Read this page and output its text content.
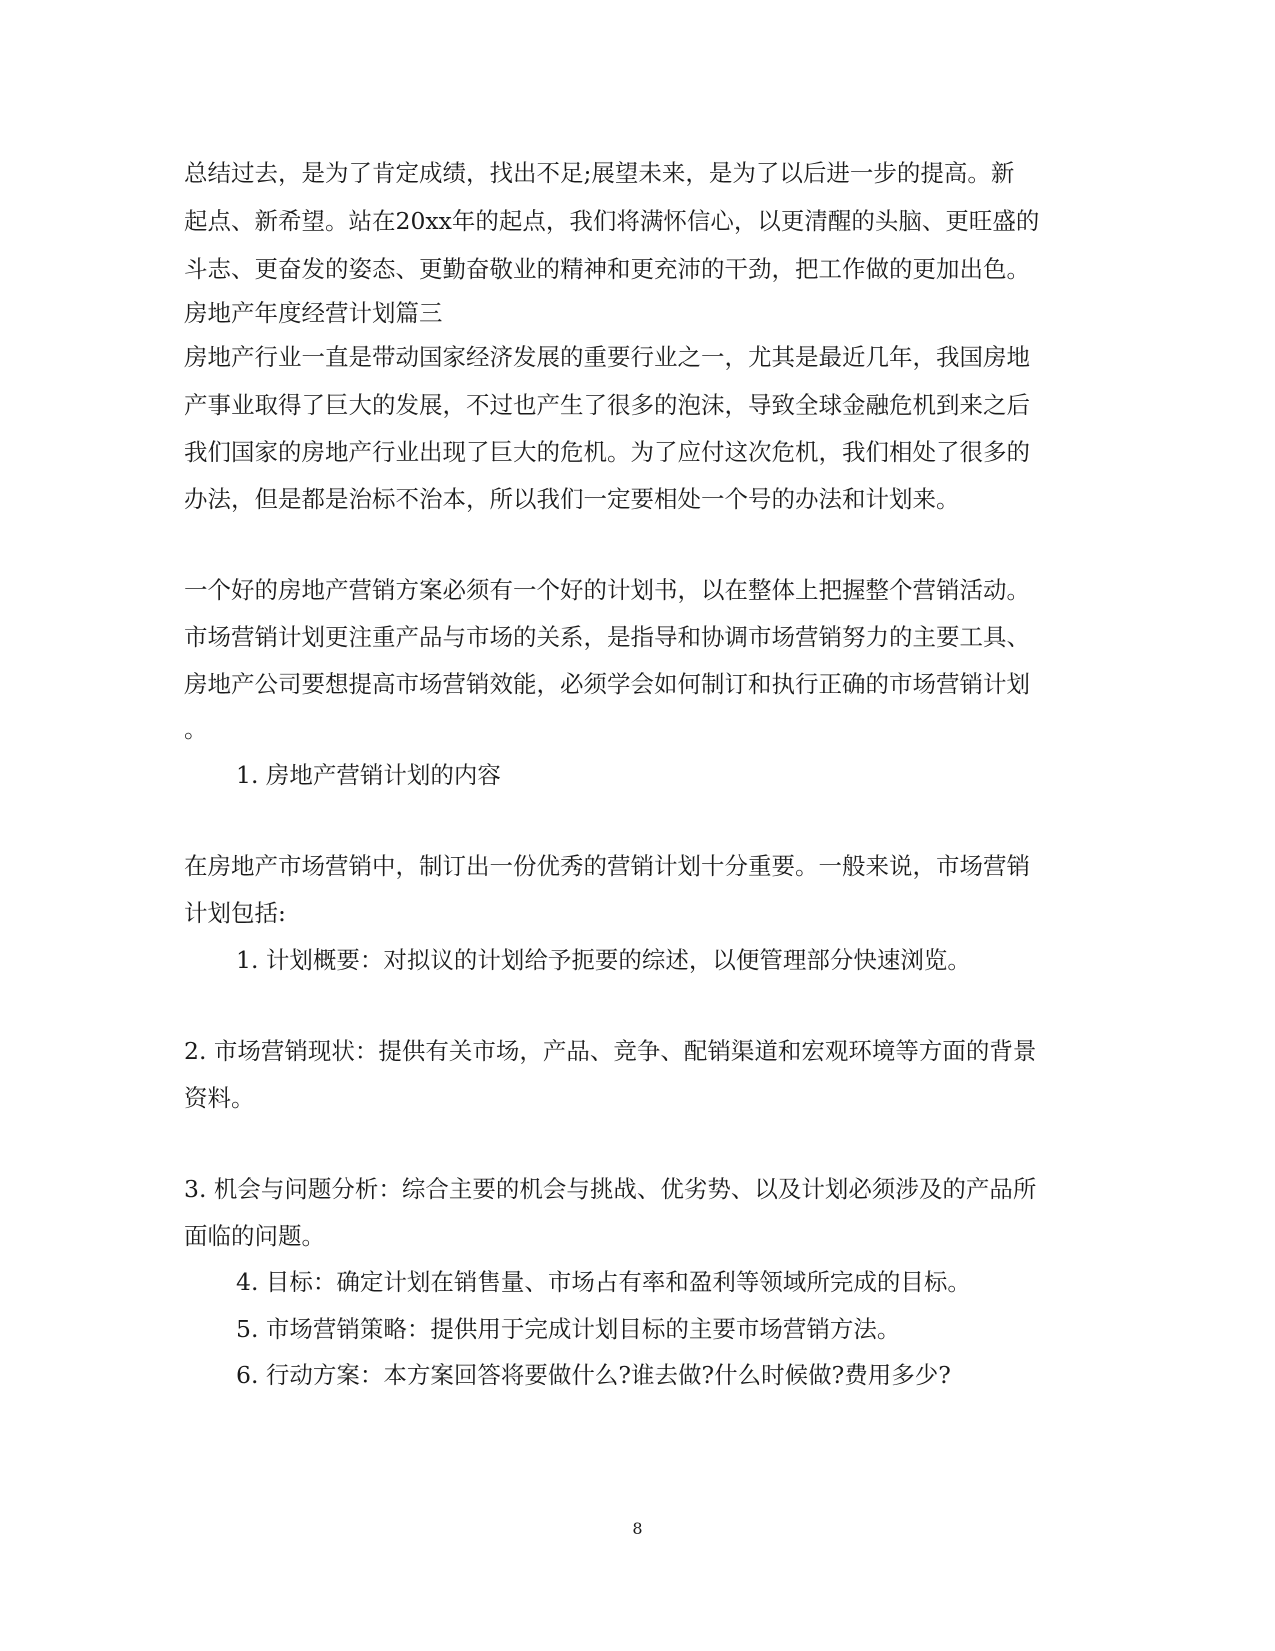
总结过去，是为了肯定成绩，找出不足;展望未来，是为了以后进一步的提高。新
起点、新希望。站在20xx年的起点，我们将满怀信心，以更清醒的头脑、更旺盛的
斗志、更奋发的姿态、更勤奋敬业的精神和更充沛的干劲，把工作做的更加出色。
房地产年度经营计划篇三
房地产行业一直是带动国家经济发展的重要行业之一，尤其是最近几年，我国房地
产事业取得了巨大的发展，不过也产生了很多的泡沫，导致全球金融危机到来之后
我们国家的房地产行业出现了巨大的危机。为了应付这次危机，我们相处了很多的
办法，但是都是治标不治本，所以我们一定要相处一个号的办法和计划来。
一个好的房地产营销方案必须有一个好的计划书，以在整体上把握整个营销活动。
市场营销计划更注重产品与市场的关系，是指导和协调市场营销努力的主要工具、
房地产公司要想提高市场营销效能，必须学会如何制订和执行正确的市场营销计划
。
1. 房地产营销计划的内容
在房地产市场营销中，制订出一份优秀的营销计划十分重要。一般来说，市场营销
计划包括:
1. 计划概要：对拟议的计划给予扼要的综述，以便管理部分快速浏览。
2. 市场营销现状：提供有关市场，产品、竞争、配销渠道和宏观环境等方面的背景
资料。
3. 机会与问题分析：综合主要的机会与挑战、优劣势、以及计划必须涉及的产品所
面临的问题。
4. 目标：确定计划在销售量、市场占有率和盈利等领域所完成的目标。
5. 市场营销策略：提供用于完成计划目标的主要市场营销方法。
6. 行动方案：本方案回答将要做什么?谁去做?什么时候做?费用多少?
8
